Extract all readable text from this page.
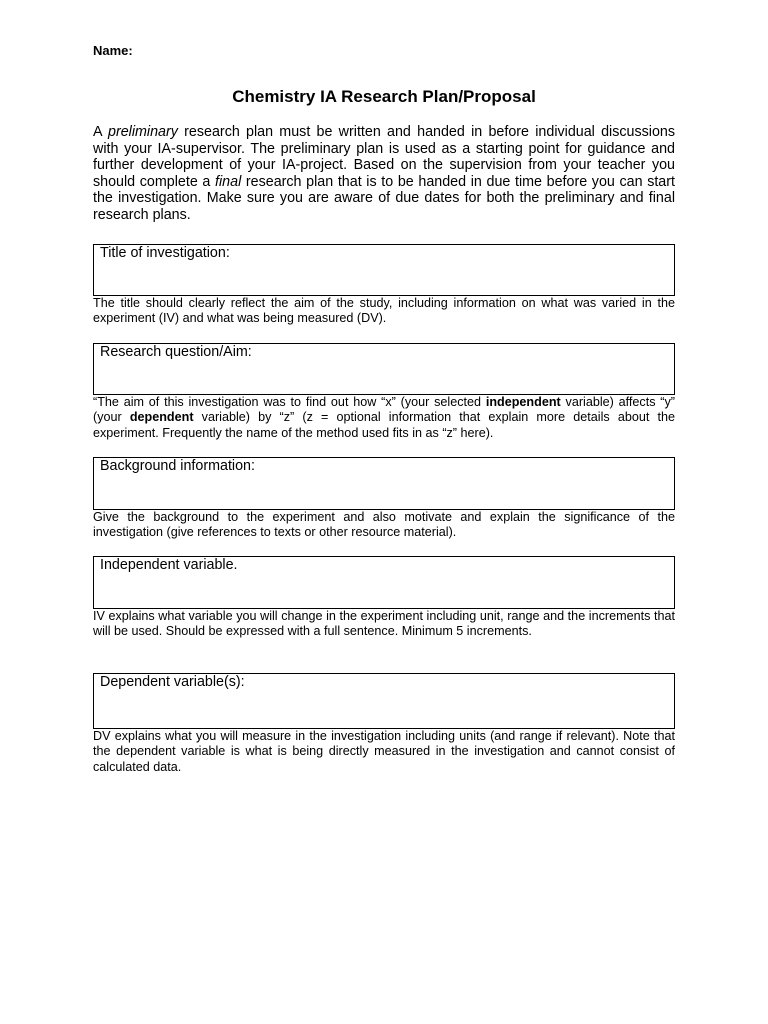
Name:
Chemistry IA Research Plan/Proposal

A preliminary research plan must be written and handed in before individual discussions with your IA-supervisor. The preliminary plan is used as a starting point for guidance and further development of your IA-project. Based on the supervision from your teacher you should complete a final research plan that is to be handed in due time before you can start the investigation. Make sure you are aware of due dates for both the preliminary and final research plans.

Title of investigation:

The title should clearly reflect the aim of the study, including information on what was varied in the experiment (IV) and what was being measured (DV).

Research question/Aim:

“The aim of this investigation was to find out how “x” (your selected independent variable) affects “y” (your dependent variable) by “z” (z = optional information that explain more details about the experiment. Frequently the name of the method used fits in as “z” here).

Background information:

Give the background to the experiment and also motivate and explain the significance of the investigation (give references to texts or other resource material).

Independent variable.

IV explains what variable you will change in the experiment including unit, range and the increments that will be used. Should be expressed with a full sentence. Minimum 5 increments.

Dependent variable(s):

DV explains what you will measure in the investigation including units (and range if relevant). Note that the dependent variable is what is being directly measured in the investigation and cannot consist of calculated data.
